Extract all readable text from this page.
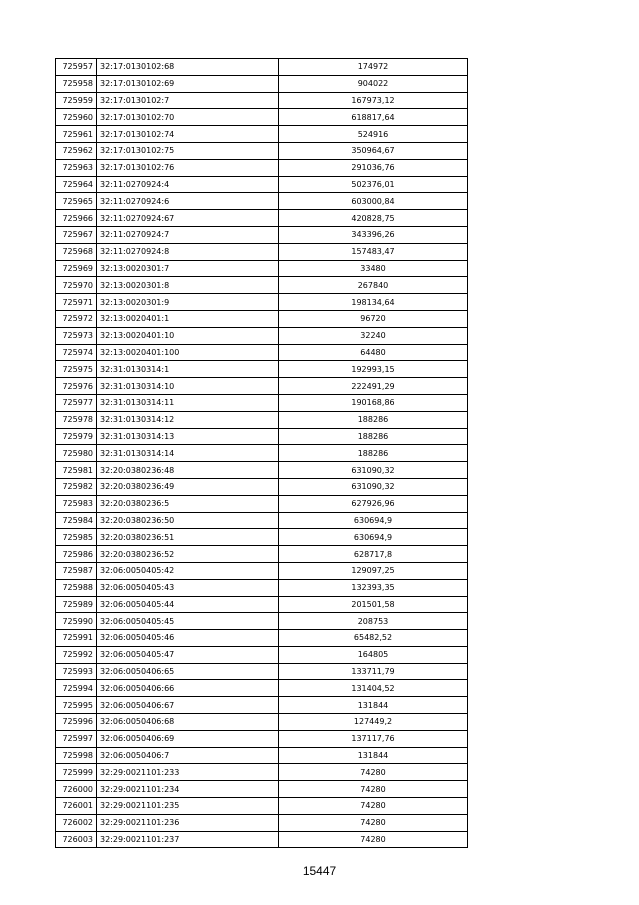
725957	32:17:0130102:68	174972
725958	32:17:0130102:69	904022
725959	32:17:0130102:7	167973,12
725960	32:17:0130102:70	618817,64
725961	32:17:0130102:74	524916
725962	32:17:0130102:75	350964,67
725963	32:17:0130102:76	291036,76
725964	32:11:0270924:4	502376,01
725965	32:11:0270924:6	603000,84
725966	32:11:0270924:67	420828,75
725967	32:11:0270924:7	343396,26
725968	32:11:0270924:8	157483,47
725969	32:13:0020301:7	33480
725970	32:13:0020301:8	267840
725971	32:13:0020301:9	198134,64
725972	32:13:0020401:1	96720
725973	32:13:0020401:10	32240
725974	32:13:0020401:100	64480
725975	32:31:0130314:1	192993,15
725976	32:31:0130314:10	222491,29
725977	32:31:0130314:11	190168,86
725978	32:31:0130314:12	188286
725979	32:31:0130314:13	188286
725980	32:31:0130314:14	188286
725981	32:20:0380236:48	631090,32
725982	32:20:0380236:49	631090,32
725983	32:20:0380236:5	627926,96
725984	32:20:0380236:50	630694,9
725985	32:20:0380236:51	630694,9
725986	32:20:0380236:52	628717,8
725987	32:06:0050405:42	129097,25
725988	32:06:0050405:43	132393,35
725989	32:06:0050405:44	201501,58
725990	32:06:0050405:45	208753
725991	32:06:0050405:46	65482,52
725992	32:06:0050405:47	164805
725993	32:06:0050406:65	133711,79
725994	32:06:0050406:66	131404,52
725995	32:06:0050406:67	131844
725996	32:06:0050406:68	127449,2
725997	32:06:0050406:69	137117,76
725998	32:06:0050406:7	131844
725999	32:29:0021101:233	74280
726000	32:29:0021101:234	74280
726001	32:29:0021101:235	74280
726002	32:29:0021101:236	74280
726003	32:29:0021101:237	74280
15447
